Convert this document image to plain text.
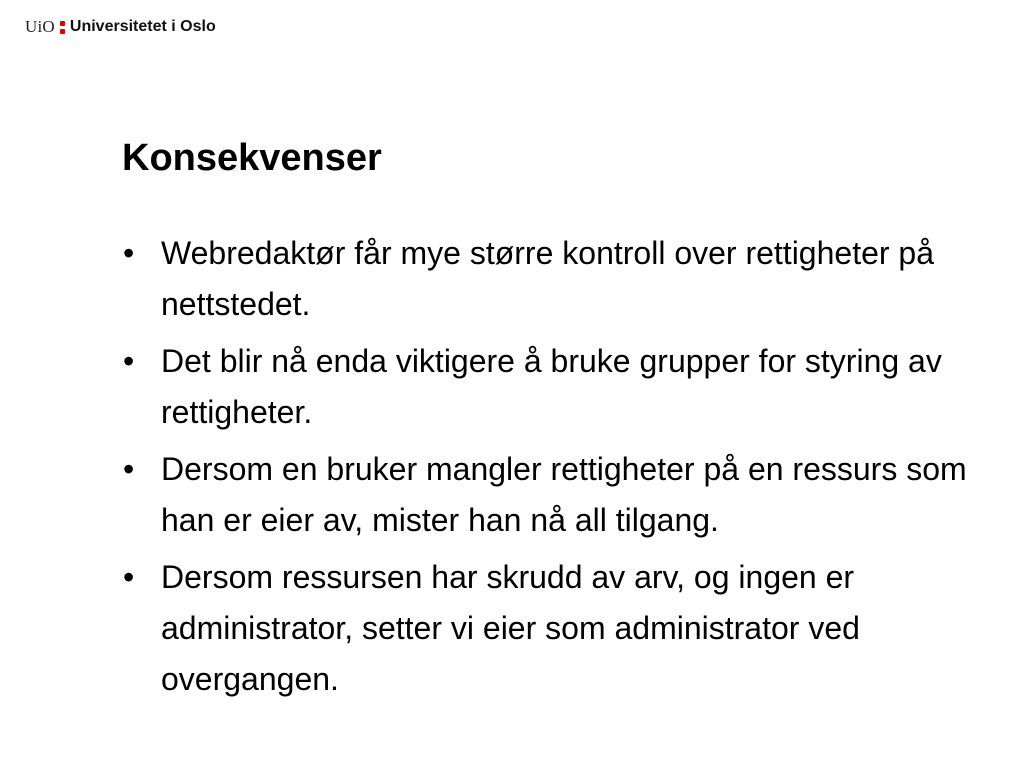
UiO Universitetet i Oslo
Konsekvenser
• Webredaktør får mye større kontroll over rettigheter på nettstedet.
• Det blir nå enda viktigere å bruke grupper for styring av rettigheter.
• Dersom en bruker mangler rettigheter på en ressurs som han er eier av, mister han nå all tilgang.
• Dersom ressursen har skrudd av arv, og ingen er administrator, setter vi eier som administrator ved overgangen.
